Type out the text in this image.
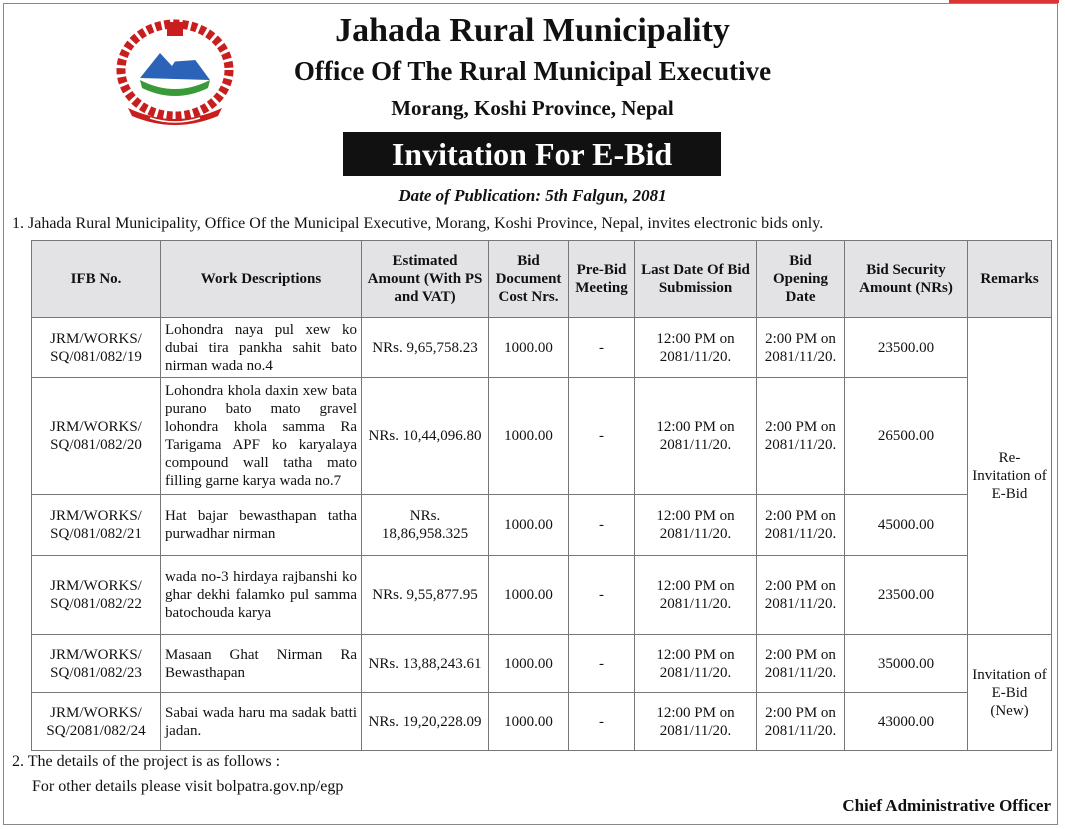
Jahada Rural Municipality
Office Of The Rural Municipal Executive
Morang, Koshi Province, Nepal
Invitation For E-Bid
Date of Publication: 5th Falgun, 2081
1. Jahada Rural Municipality, Office Of the Municipal Executive, Morang, Koshi Province, Nepal, invites electronic bids only.
IFB No.	Work Descriptions	Estimated Amount (With PS and VAT)	Bid Document Cost Nrs.	Pre-Bid Meeting	Last Date Of Bid Submission	Bid Opening Date	Bid Security Amount (NRs)	Remarks
JRM/WORKS/ SQ/081/082/19	Lohondra naya pul xew ko dubai tira pankha sahit bato nirman wada no.4	NRs. 9,65,758.23	1000.00	-	12:00 PM on 2081/11/20.	2:00 PM on 2081/11/20.	23500.00	Re-Invitation of E-Bid
JRM/WORKS/ SQ/081/082/20	Lohondra khola daxin xew bata purano bato mato gravel lohondra khola samma Ra Tarigama APF ko karyalaya compound wall tatha mato filling garne karya wada no.7	NRs. 10,44,096.80	1000.00	-	12:00 PM on 2081/11/20.	2:00 PM on 2081/11/20.	26500.00	
JRM/WORKS/ SQ/081/082/21	Hat bajar bewasthapan tatha purwadhar nirman	NRs. 18,86,958.325	1000.00	-	12:00 PM on 2081/11/20.	2:00 PM on 2081/11/20.	45000.00	
JRM/WORKS/ SQ/081/082/22	wada no-3 hirdaya rajbanshi ko ghar dekhi falamko pul samma batochouda karya	NRs. 9,55,877.95	1000.00	-	12:00 PM on 2081/11/20.	2:00 PM on 2081/11/20.	23500.00	
JRM/WORKS/ SQ/081/082/23	Masaan Ghat Nirman Ra Bewasthapan	NRs. 13,88,243.61	1000.00	-	12:00 PM on 2081/11/20.	2:00 PM on 2081/11/20.	35000.00	Invitation of E-Bid (New)
JRM/WORKS/ SQ/2081/082/24	Sabai wada haru ma sadak batti jadan.	NRs. 19,20,228.09	1000.00	-	12:00 PM on 2081/11/20.	2:00 PM on 2081/11/20.	43000.00	
2. The details of the project is as follows :
For other details please visit bolpatra.gov.np/egp
Chief Administrative Officer
